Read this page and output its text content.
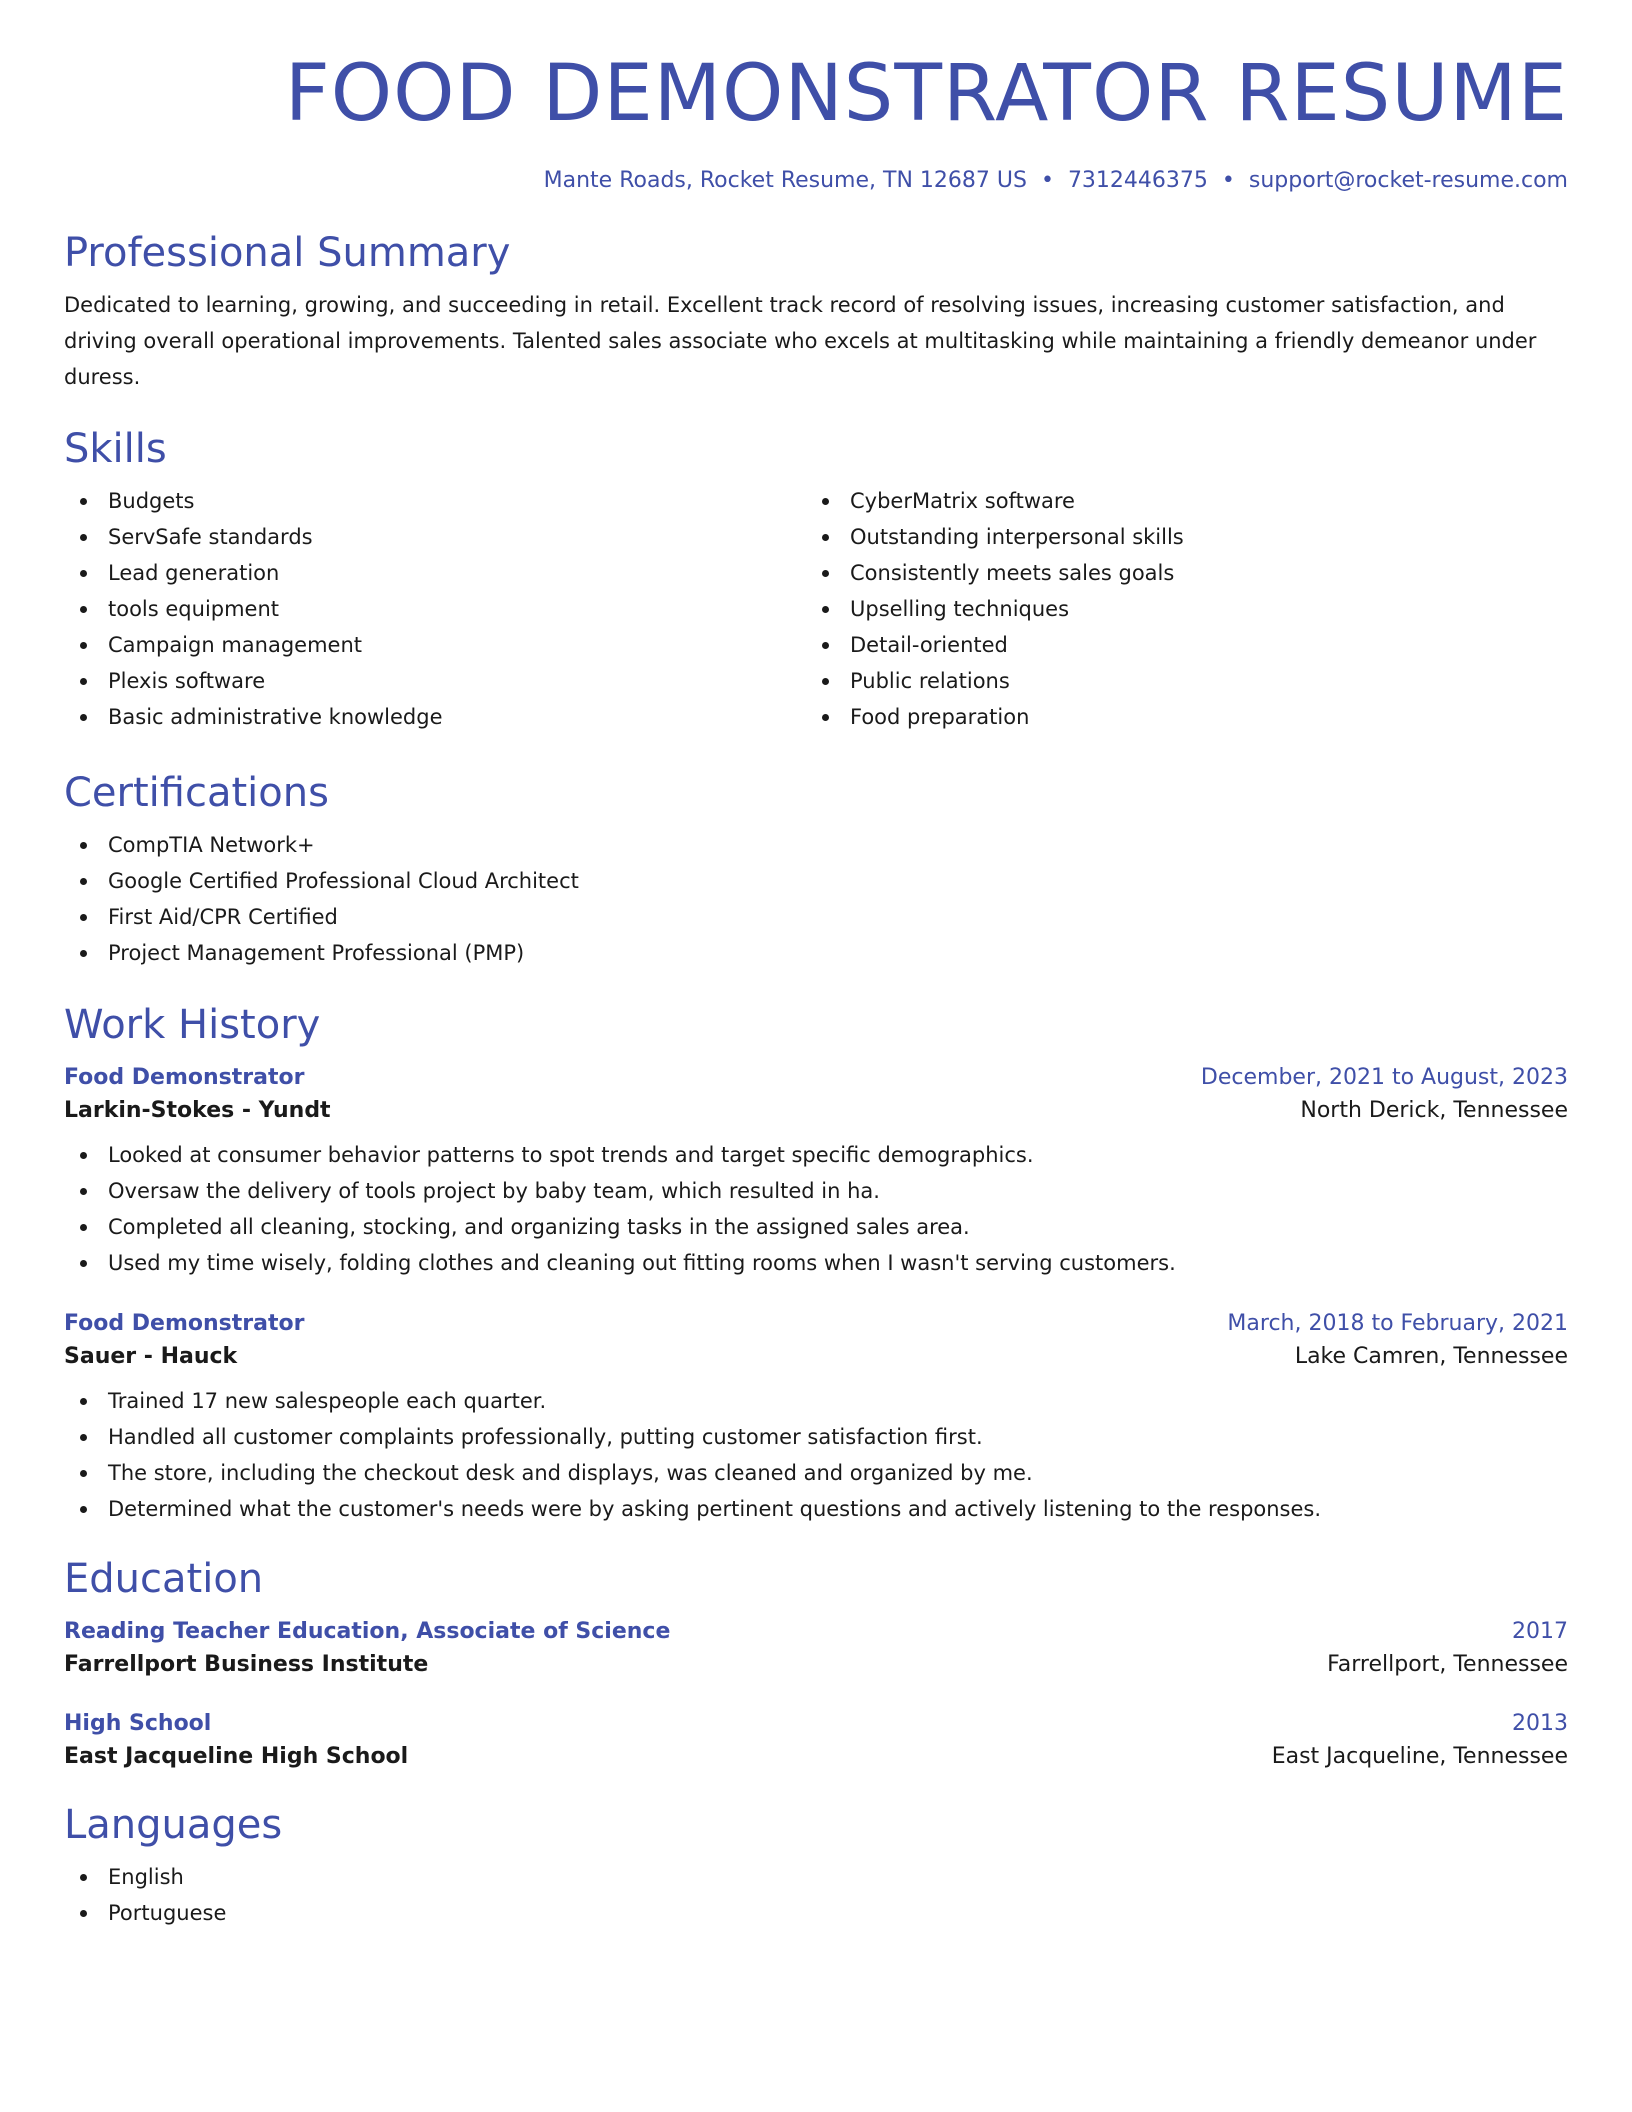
FOOD DEMONSTRATOR RESUME
Mante Roads, Rocket Resume, TN 12687 US • 7312446375 • support@rocket-resume.com
Professional Summary

Dedicated to learning, growing, and succeeding in retail. Excellent track record of resolving issues, increasing customer satisfaction, and driving overall operational improvements. Talented sales associate who excels at multitasking while maintaining a friendly demeanor under duress.

Skills
Budgets
ServSafe standards
Lead generation
tools equipment
Campaign management
Plexis software
Basic administrative knowledge
CyberMatrix software
Outstanding interpersonal skills
Consistently meets sales goals
Upselling techniques
Detail-oriented
Public relations
Food preparation
Certifications
CompTIA Network+
Google Certified Professional Cloud Architect
First Aid/CPR Certified
Project Management Professional (PMP)
Work History
Food Demonstrator	December, 2021 to August, 2023
Larkin-Stokes - Yundt	North Derick, Tennessee
Looked at consumer behavior patterns to spot trends and target specific demographics.
Oversaw the delivery of tools project by baby team, which resulted in ha.
Completed all cleaning, stocking, and organizing tasks in the assigned sales area.
Used my time wisely, folding clothes and cleaning out fitting rooms when I wasn't serving customers.
Food Demonstrator	March, 2018 to February, 2021
Sauer - Hauck	Lake Camren, Tennessee
Trained 17 new salespeople each quarter.
Handled all customer complaints professionally, putting customer satisfaction first.
The store, including the checkout desk and displays, was cleaned and organized by me.
Determined what the customer's needs were by asking pertinent questions and actively listening to the responses.
Education
Reading Teacher Education, Associate of Science	2017
Farrellport Business Institute	Farrellport, Tennessee
High School	2013
East Jacqueline High School	East Jacqueline, Tennessee
Languages
English
Portuguese
